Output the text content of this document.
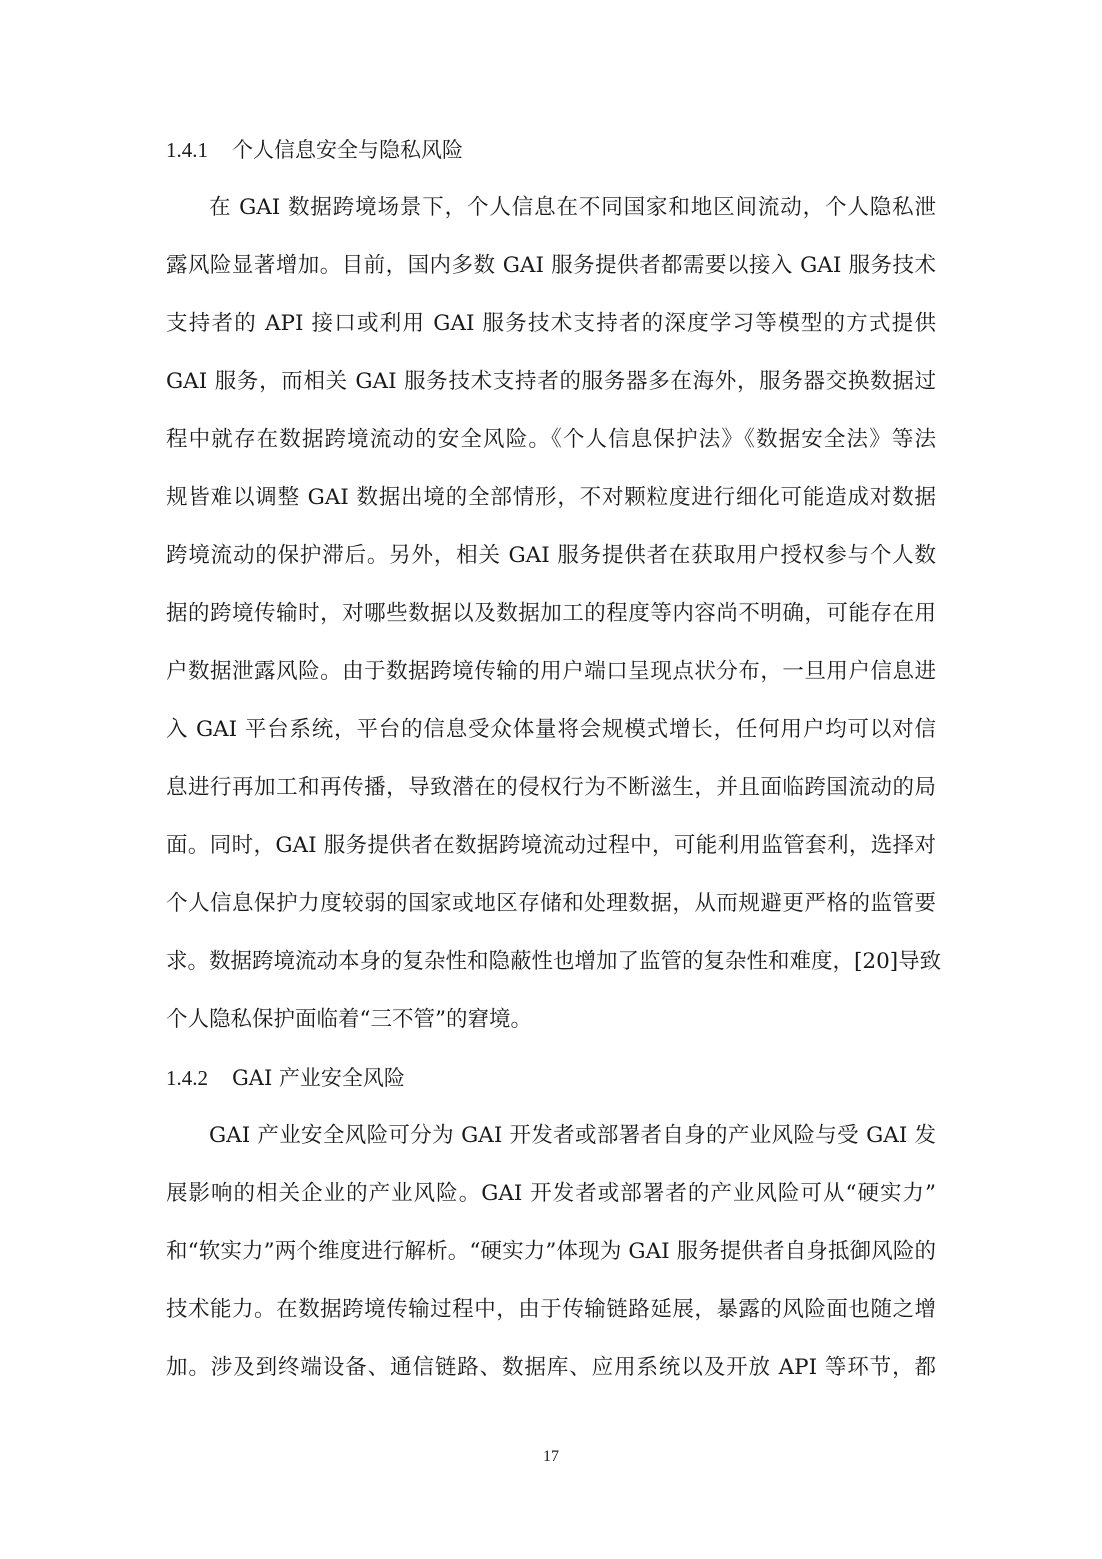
1.4.1 个人信息安全与隐私风险
在 GAI 数据跨境场景下，个人信息在不同国家和地区间流动，个人隐私泄
露风险显著增加。目前，国内多数 GAI 服务提供者都需要以接入 GAI 服务技术
支持者的 API 接口或利用 GAI 服务技术支持者的深度学习等模型的方式提供
GAI 服务，而相关 GAI 服务技术支持者的服务器多在海外，服务器交换数据过
程中就存在数据跨境流动的安全风险。《个人信息保护法》《数据安全法》等法
规皆难以调整 GAI 数据出境的全部情形，不对颗粒度进行细化可能造成对数据
跨境流动的保护滞后。另外，相关 GAI 服务提供者在获取用户授权参与个人数
据的跨境传输时，对哪些数据以及数据加工的程度等内容尚不明确，可能存在用
户数据泄露风险。由于数据跨境传输的用户端口呈现点状分布，一旦用户信息进
入 GAI 平台系统，平台的信息受众体量将会规模式增长，任何用户均可以对信
息进行再加工和再传播，导致潜在的侵权行为不断滋生，并且面临跨国流动的局
面。同时，GAI 服务提供者在数据跨境流动过程中，可能利用监管套利，选择对
个人信息保护力度较弱的国家或地区存储和处理数据，从而规避更严格的监管要
求。数据跨境流动本身的复杂性和隐蔽性也增加了监管的复杂性和难度，[20]导致
个人隐私保护面临着“三不管”的窘境。
1.4.2 GAI 产业安全风险
GAI 产业安全风险可分为 GAI 开发者或部署者自身的产业风险与受 GAI 发
展影响的相关企业的产业风险。GAI 开发者或部署者的产业风险可从“硬实力”
和“软实力”两个维度进行解析。“硬实力”体现为 GAI 服务提供者自身抵御风险的
技术能力。在数据跨境传输过程中，由于传输链路延展，暴露的风险面也随之增
加。涉及到终端设备、通信链路、数据库、应用系统以及开放 API 等环节，都
17
